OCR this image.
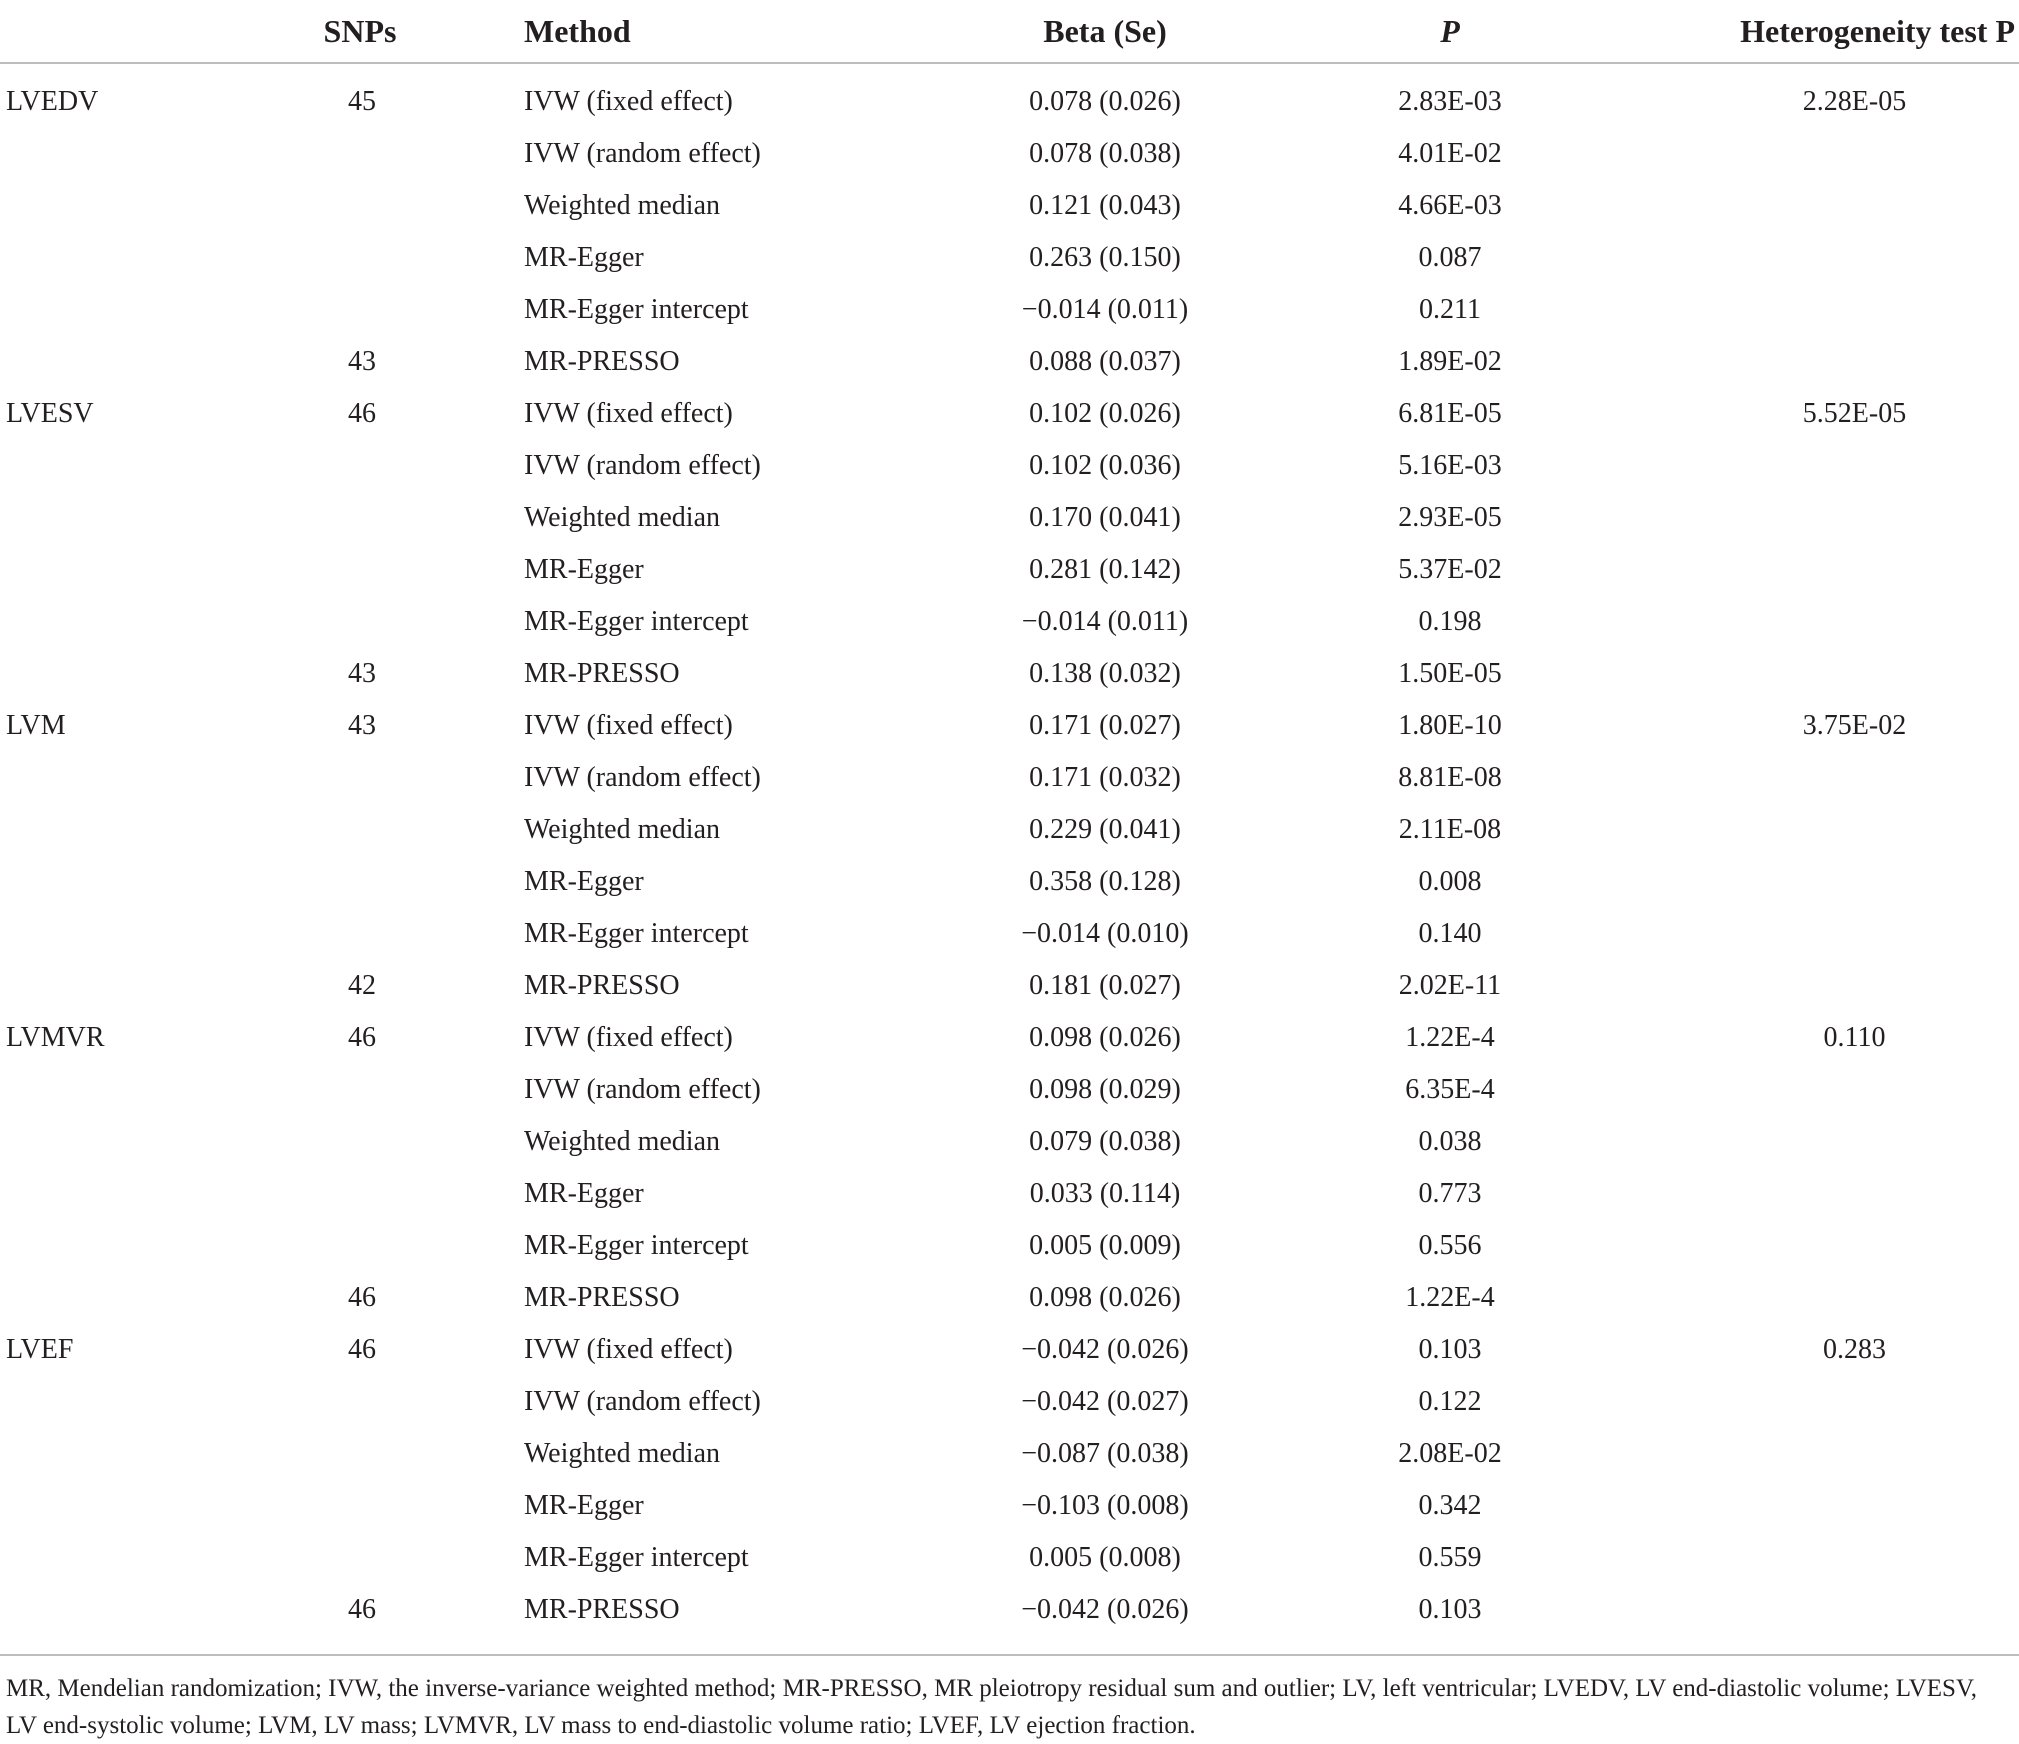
	SNPs	Method	Beta (Se)	P	Heterogeneity test P

LVEDV	45	IVW (fixed effect)	0.078 (0.026)	2.83E-03	2.28E-05
		IVW (random effect)	0.078 (0.038)	4.01E-02	
		Weighted median	0.121 (0.043)	4.66E-03	
		MR-Egger	0.263 (0.150)	0.087	
		MR-Egger intercept	−0.014 (0.011)	0.211	
	43	MR-PRESSO	0.088 (0.037)	1.89E-02	
LVESV	46	IVW (fixed effect)	0.102 (0.026)	6.81E-05	5.52E-05
		IVW (random effect)	0.102 (0.036)	5.16E-03	
		Weighted median	0.170 (0.041)	2.93E-05	
		MR-Egger	0.281 (0.142)	5.37E-02	
		MR-Egger intercept	−0.014 (0.011)	0.198	
	43	MR-PRESSO	0.138 (0.032)	1.50E-05	
LVM	43	IVW (fixed effect)	0.171 (0.027)	1.80E-10	3.75E-02
		IVW (random effect)	0.171 (0.032)	8.81E-08	
		Weighted median	0.229 (0.041)	2.11E-08	
		MR-Egger	0.358 (0.128)	0.008	
		MR-Egger intercept	−0.014 (0.010)	0.140	
	42	MR-PRESSO	0.181 (0.027)	2.02E-11	
LVMVR	46	IVW (fixed effect)	0.098 (0.026)	1.22E-4	0.110
		IVW (random effect)	0.098 (0.029)	6.35E-4	
		Weighted median	0.079 (0.038)	0.038	
		MR-Egger	0.033 (0.114)	0.773	
		MR-Egger intercept	0.005 (0.009)	0.556	
	46	MR-PRESSO	0.098 (0.026)	1.22E-4	
LVEF	46	IVW (fixed effect)	−0.042 (0.026)	0.103	0.283
		IVW (random effect)	−0.042 (0.027)	0.122	
		Weighted median	−0.087 (0.038)	2.08E-02	
		MR-Egger	−0.103 (0.008)	0.342	
		MR-Egger intercept	0.005 (0.008)	0.559	
	46	MR-PRESSO	−0.042 (0.026)	0.103	

MR, Mendelian randomization; IVW, the inverse-variance weighted method; MR-PRESSO, MR pleiotropy residual sum and outlier; LV, left ventricular; LVEDV, LV end-diastolic volume; LVESV, LV end-systolic volume; LVM, LV mass; LVMVR, LV mass to end-diastolic volume ratio; LVEF, LV ejection fraction.
